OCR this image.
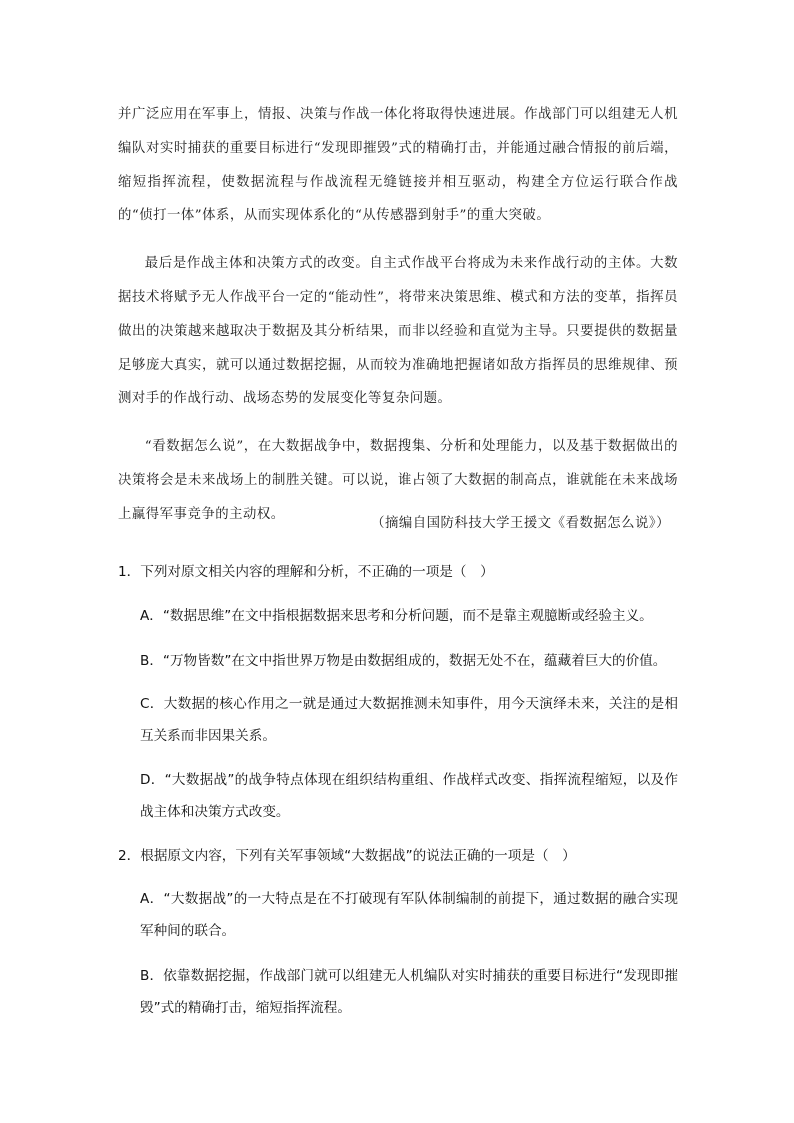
并广泛应用在军事上，情报、决策与作战一体化将取得快速进展。作战部门可以组建无人机编队对实时捕获的重要目标进行“发现即摧毁”式的精确打击，并能通过融合情报的前后端，缩短指挥流程，使数据流程与作战流程无缝链接并相互驱动，构建全方位运行联合作战的“侦打一体”体系，从而实现体系化的“从传感器到射手”的重大突破。

最后是作战主体和决策方式的改变。自主式作战平台将成为未来作战行动的主体。大数据技术将赋予无人作战平台一定的“能动性”，将带来决策思维、模式和方法的变革，指挥员做出的决策越来越取决于数据及其分析结果，而非以经验和直觉为主导。只要提供的数据量足够庞大真实，就可以通过数据挖掘，从而较为准确地把握诸如敌方指挥员的思维规律、预测对手的作战行动、战场态势的发展变化等复杂问题。

“看数据怎么说”，在大数据战争中，数据搜集、分析和处理能力，以及基于数据做出的决策将会是未来战场上的制胜关键。可以说，谁占领了大数据的制高点，谁就能在未来战场上赢得军事竞争的主动权。

（摘编自国防科技大学王援文《看数据怎么说》）

1．下列对原文相关内容的理解和分析，不正确的一项是（　）

A．“数据思维”在文中指根据数据来思考和分析问题，而不是靠主观臆断或经验主义。

B．“万物皆数”在文中指世界万物是由数据组成的，数据无处不在，蕴藏着巨大的价值。

C．大数据的核心作用之一就是通过大数据推测未知事件，用今天演绎未来，关注的是相互关系而非因果关系。

D．“大数据战”的战争特点体现在组织结构重组、作战样式改变、指挥流程缩短，以及作战主体和决策方式改变。

2．根据原文内容，下列有关军事领域“大数据战”的说法正确的一项是（　）

A．“大数据战”的一大特点是在不打破现有军队体制编制的前提下，通过数据的融合实现军种间的联合。

B．依靠数据挖掘，作战部门就可以组建无人机编队对实时捕获的重要目标进行“发现即摧毁”式的精确打击，缩短指挥流程。
